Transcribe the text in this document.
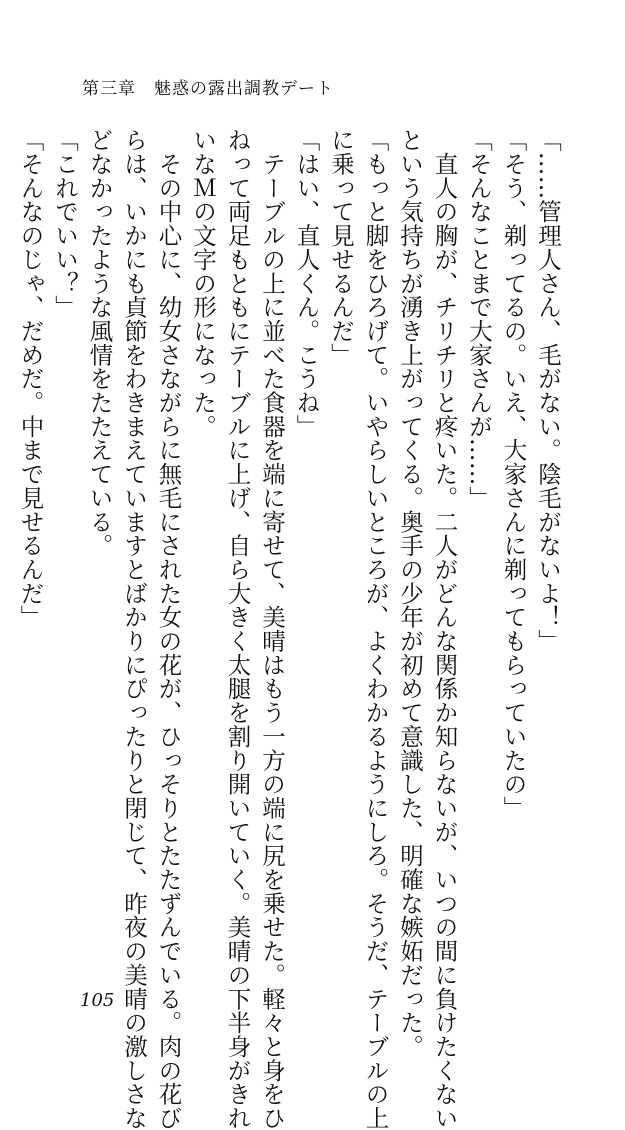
第三章　魅惑の露出調教デート
「……管理人さん、毛がない。陰毛がないよ！」
「そう、剃ってるの。いえ、大家さんに剃ってもらっていたの」
「そんなことまで大家さんが……」
　直人の胸が、チリチリと疼いた。二人がどんな関係か知らないが、いつの間に負けたくない
という気持ちが湧き上がってくる。奥手の少年が初めて意識した、明確な嫉妬だった。
「もっと脚をひろげて。いやらしいところが、よくわかるようにしろ。そうだ、テーブルの上
に乗って見せるんだ」
「はい、直人くん。こうね」
　テーブルの上に並べた食器を端に寄せて、美晴はもう一方の端に尻を乗せた。軽々と身をひ
ねって両足もともにテーブルに上げ、自ら大きく太腿を割り開いていく。美晴の下半身がきれ
いなＭの文字の形になった。
　その中心に、幼女さながらに無毛にされた女の花が、ひっそりとたたずんでいる。肉の花び
らは、いかにも貞節をわきまえていますとばかりにぴったりと閉じて、昨夜の美晴の激しさな
どなかったような風情をたたえている。
「これでいい？」
「そんなのじゃ、だめだ。中まで見せるんだ」
105
